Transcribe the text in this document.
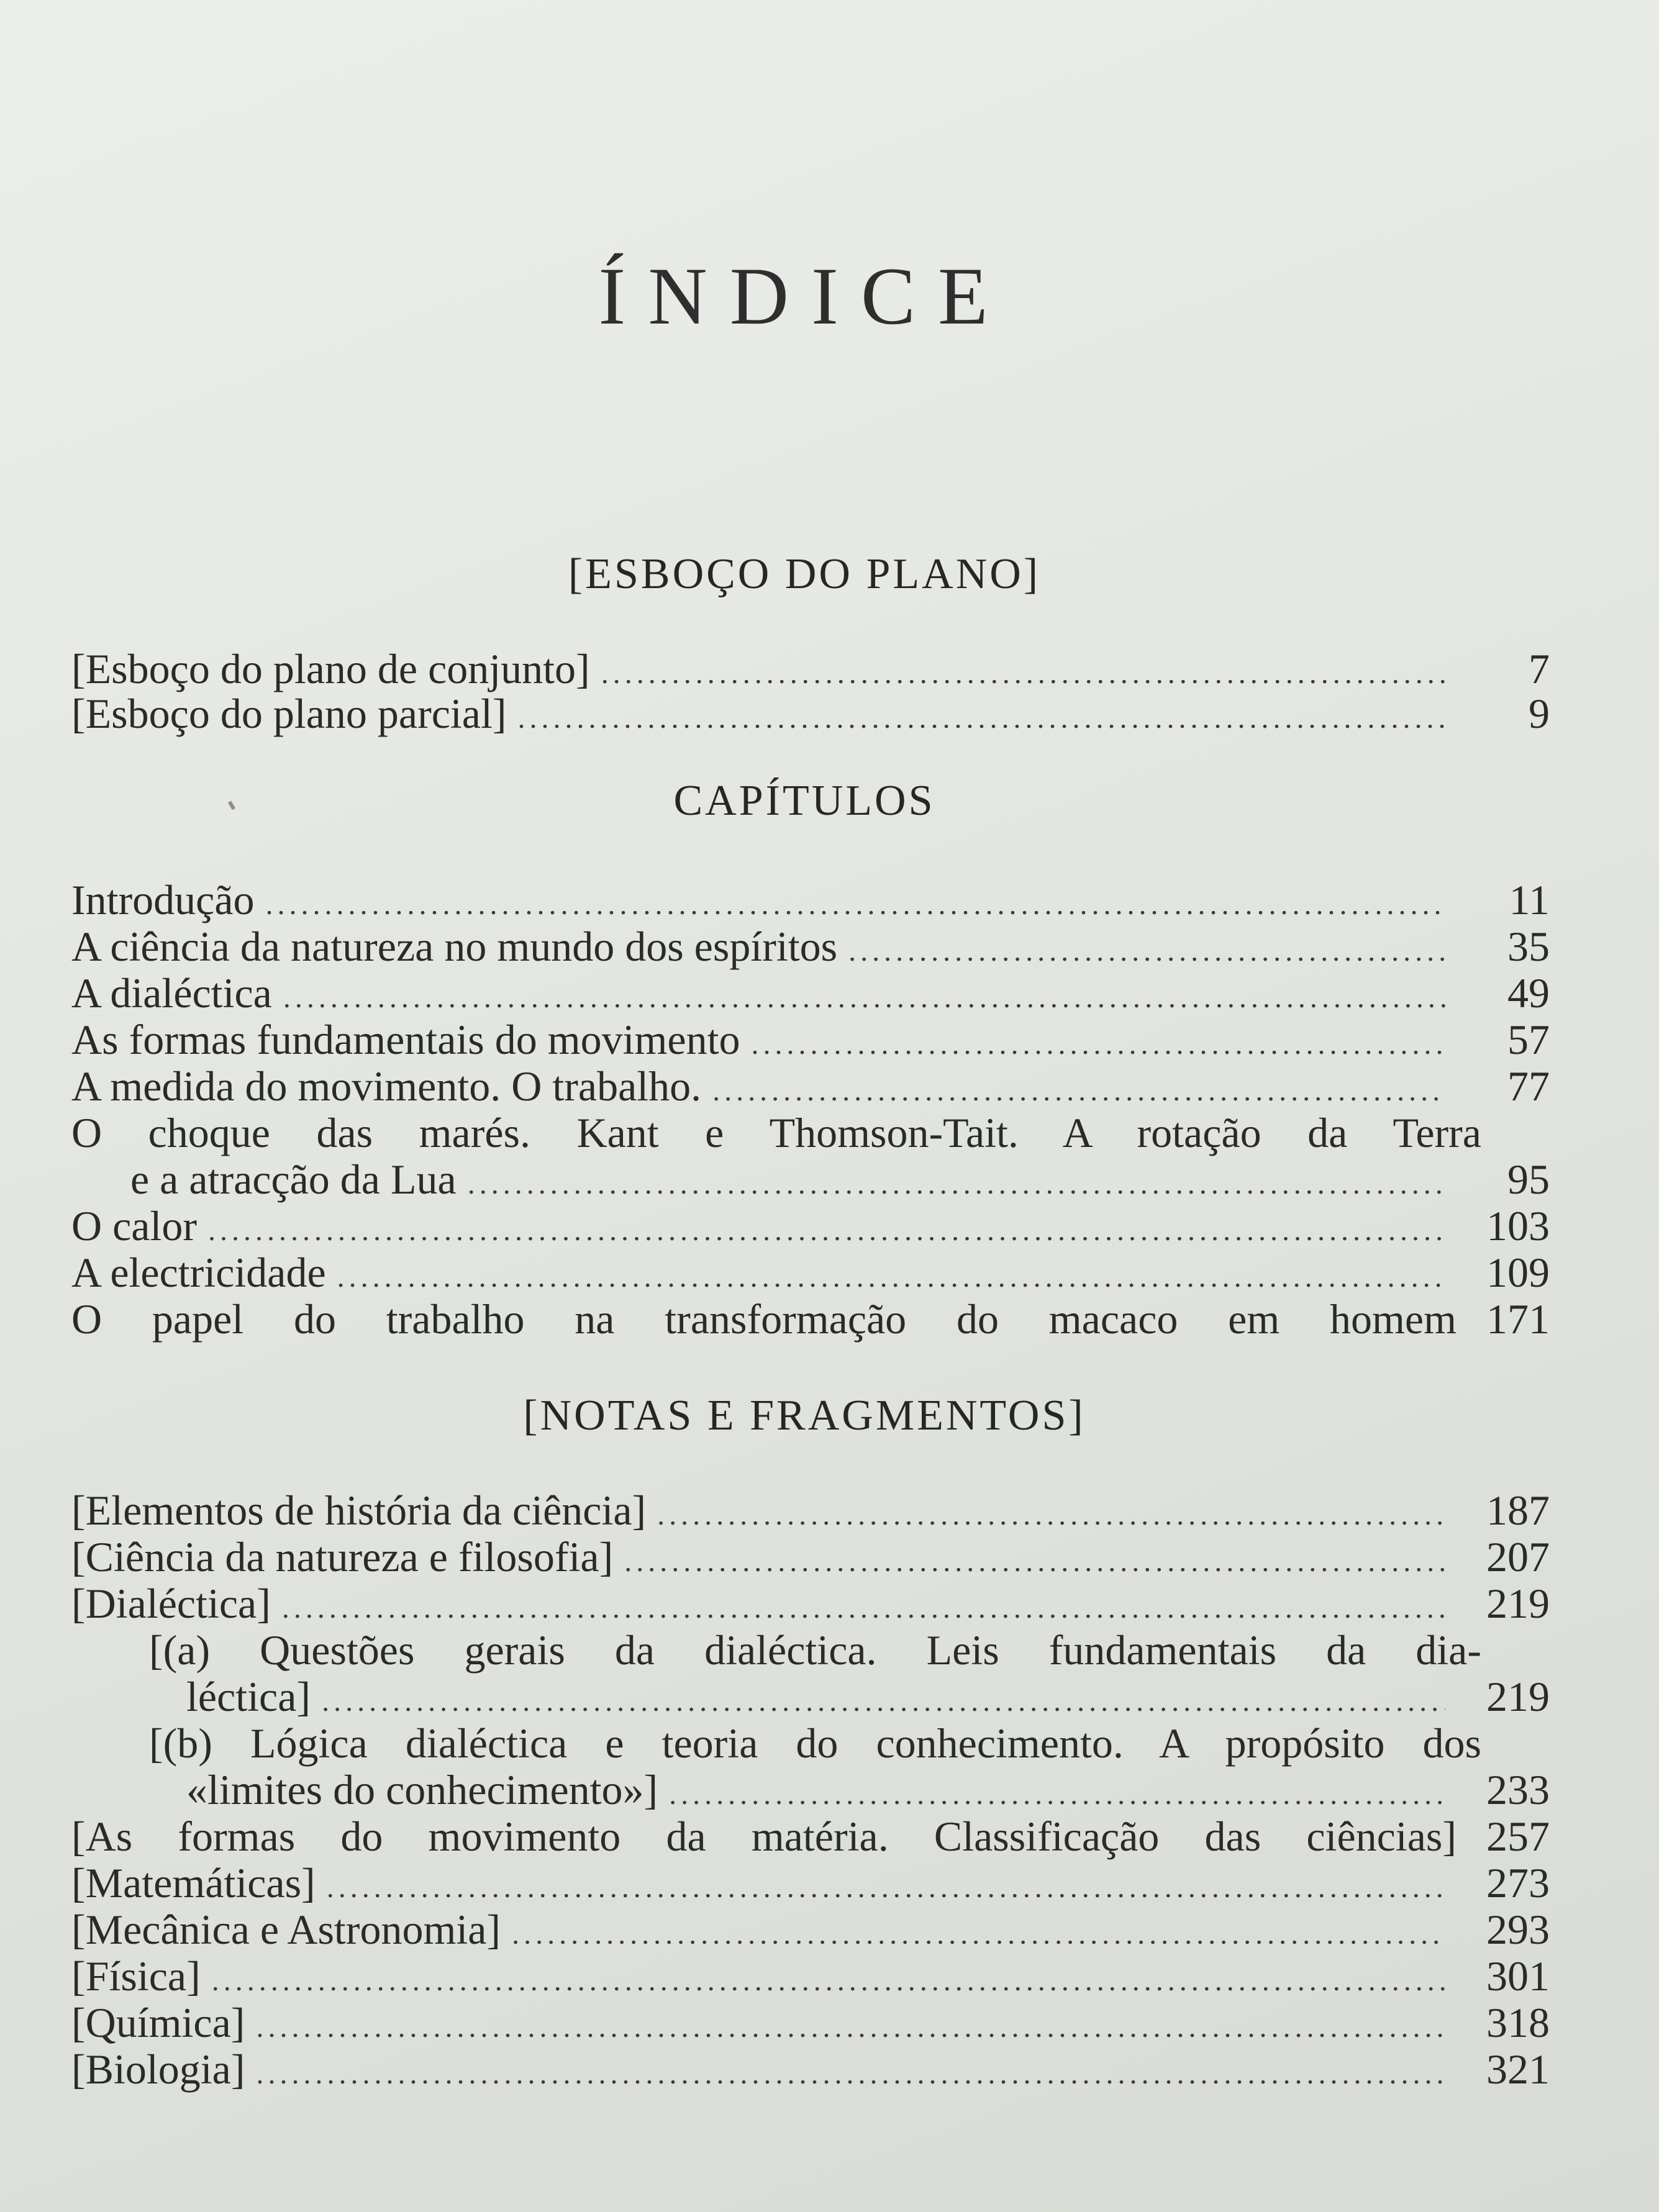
ÍNDICE
[ESBOÇO DO PLANO]
[Esboço do plano de conjunto] .....	7
[Esboço do plano parcial] .....	9
CAPÍTULOS
Introdução .....	11
A ciência da natureza no mundo dos espíritos .....	35
A dialéctica .....	49
As formas fundamentais do movimento .....	57
A medida do movimento. O trabalho. .....	77
O choque das marés. Kant e Thomson-Tait. A rotação da Terra
e a atracção da Lua .....	95
O calor .....	103
A electricidade .....	109
O papel do trabalho na transformação do macaco em homem 171
[NOTAS E FRAGMENTOS]
[Elementos de história da ciência] .....	187
[Ciência da natureza e filosofia] .....	207
[Dialéctica] .....	219
[(a) Questões gerais da dialéctica. Leis fundamentais da dia-
léctica] .....	219
[(b) Lógica dialéctica e teoria do conhecimento. A propósito dos
«limites do conhecimento»] .....	233
[As formas do movimento da matéria. Classificação das ciências] 257
[Matemáticas] .....	273
[Mecânica e Astronomia] .....	293
[Física] .....	301
[Química] .....	318
[Biologia] .....	321
